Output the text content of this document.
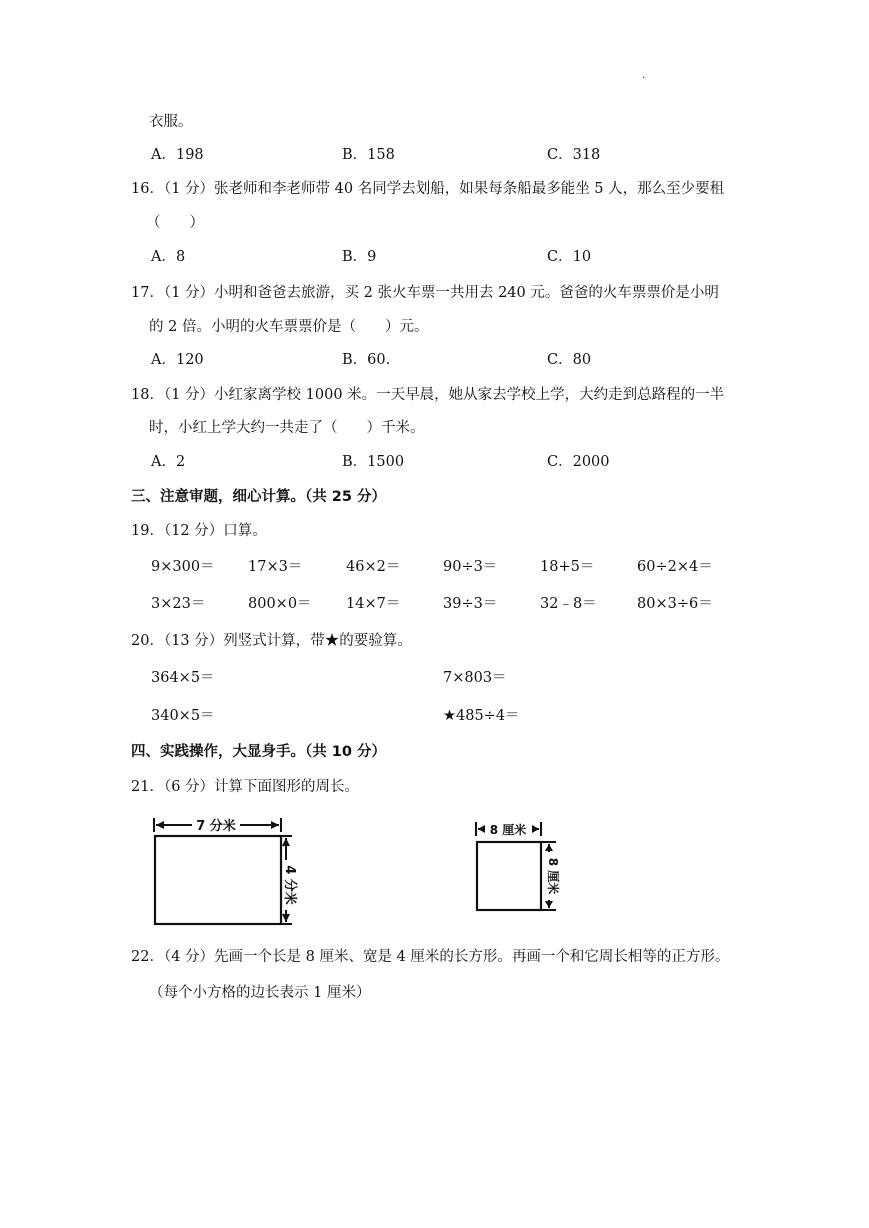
.
衣服。
A．198	B．158	C．318
16．（1 分）张老师和李老师带 40 名同学去划船，如果每条船最多能坐 5 人，那么至少要租
（　　）
A．8	B．9	C．10
17．（1 分）小明和爸爸去旅游，买 2 张火车票一共用去 240 元。爸爸的火车票票价是小明
的 2 倍。小明的火车票票价是（　　）元。
A．120	B．60.	C．80
18．（1 分）小红家离学校 1000 米。一天早晨，她从家去学校上学，大约走到总路程的一半
时，小红上学大约一共走了（　　）千米。
A．2	B．1500	C．2000
三、注意审题，细心计算。（共 25 分）
19．（12 分）口算。
9×300＝ 17×3＝	46×2＝	90÷3＝	18+5＝	60÷2×4＝
3×23＝	800×0＝ 14×7＝	39÷3＝	32﹣8＝	80×3÷6＝
20．（13 分）列竖式计算，带★的要验算。
364×5＝	7×803＝
340×5＝	★485÷4＝
四、实践操作，大显身手。（共 10 分）
21．（6 分）计算下面图形的周长。
7 分米
4 分米
8 厘米
8 厘米
22．（4 分）先画一个长是 8 厘米、宽是 4 厘米的长方形。再画一个和它周长相等的正方形。
（每个小方格的边长表示 1 厘米）
